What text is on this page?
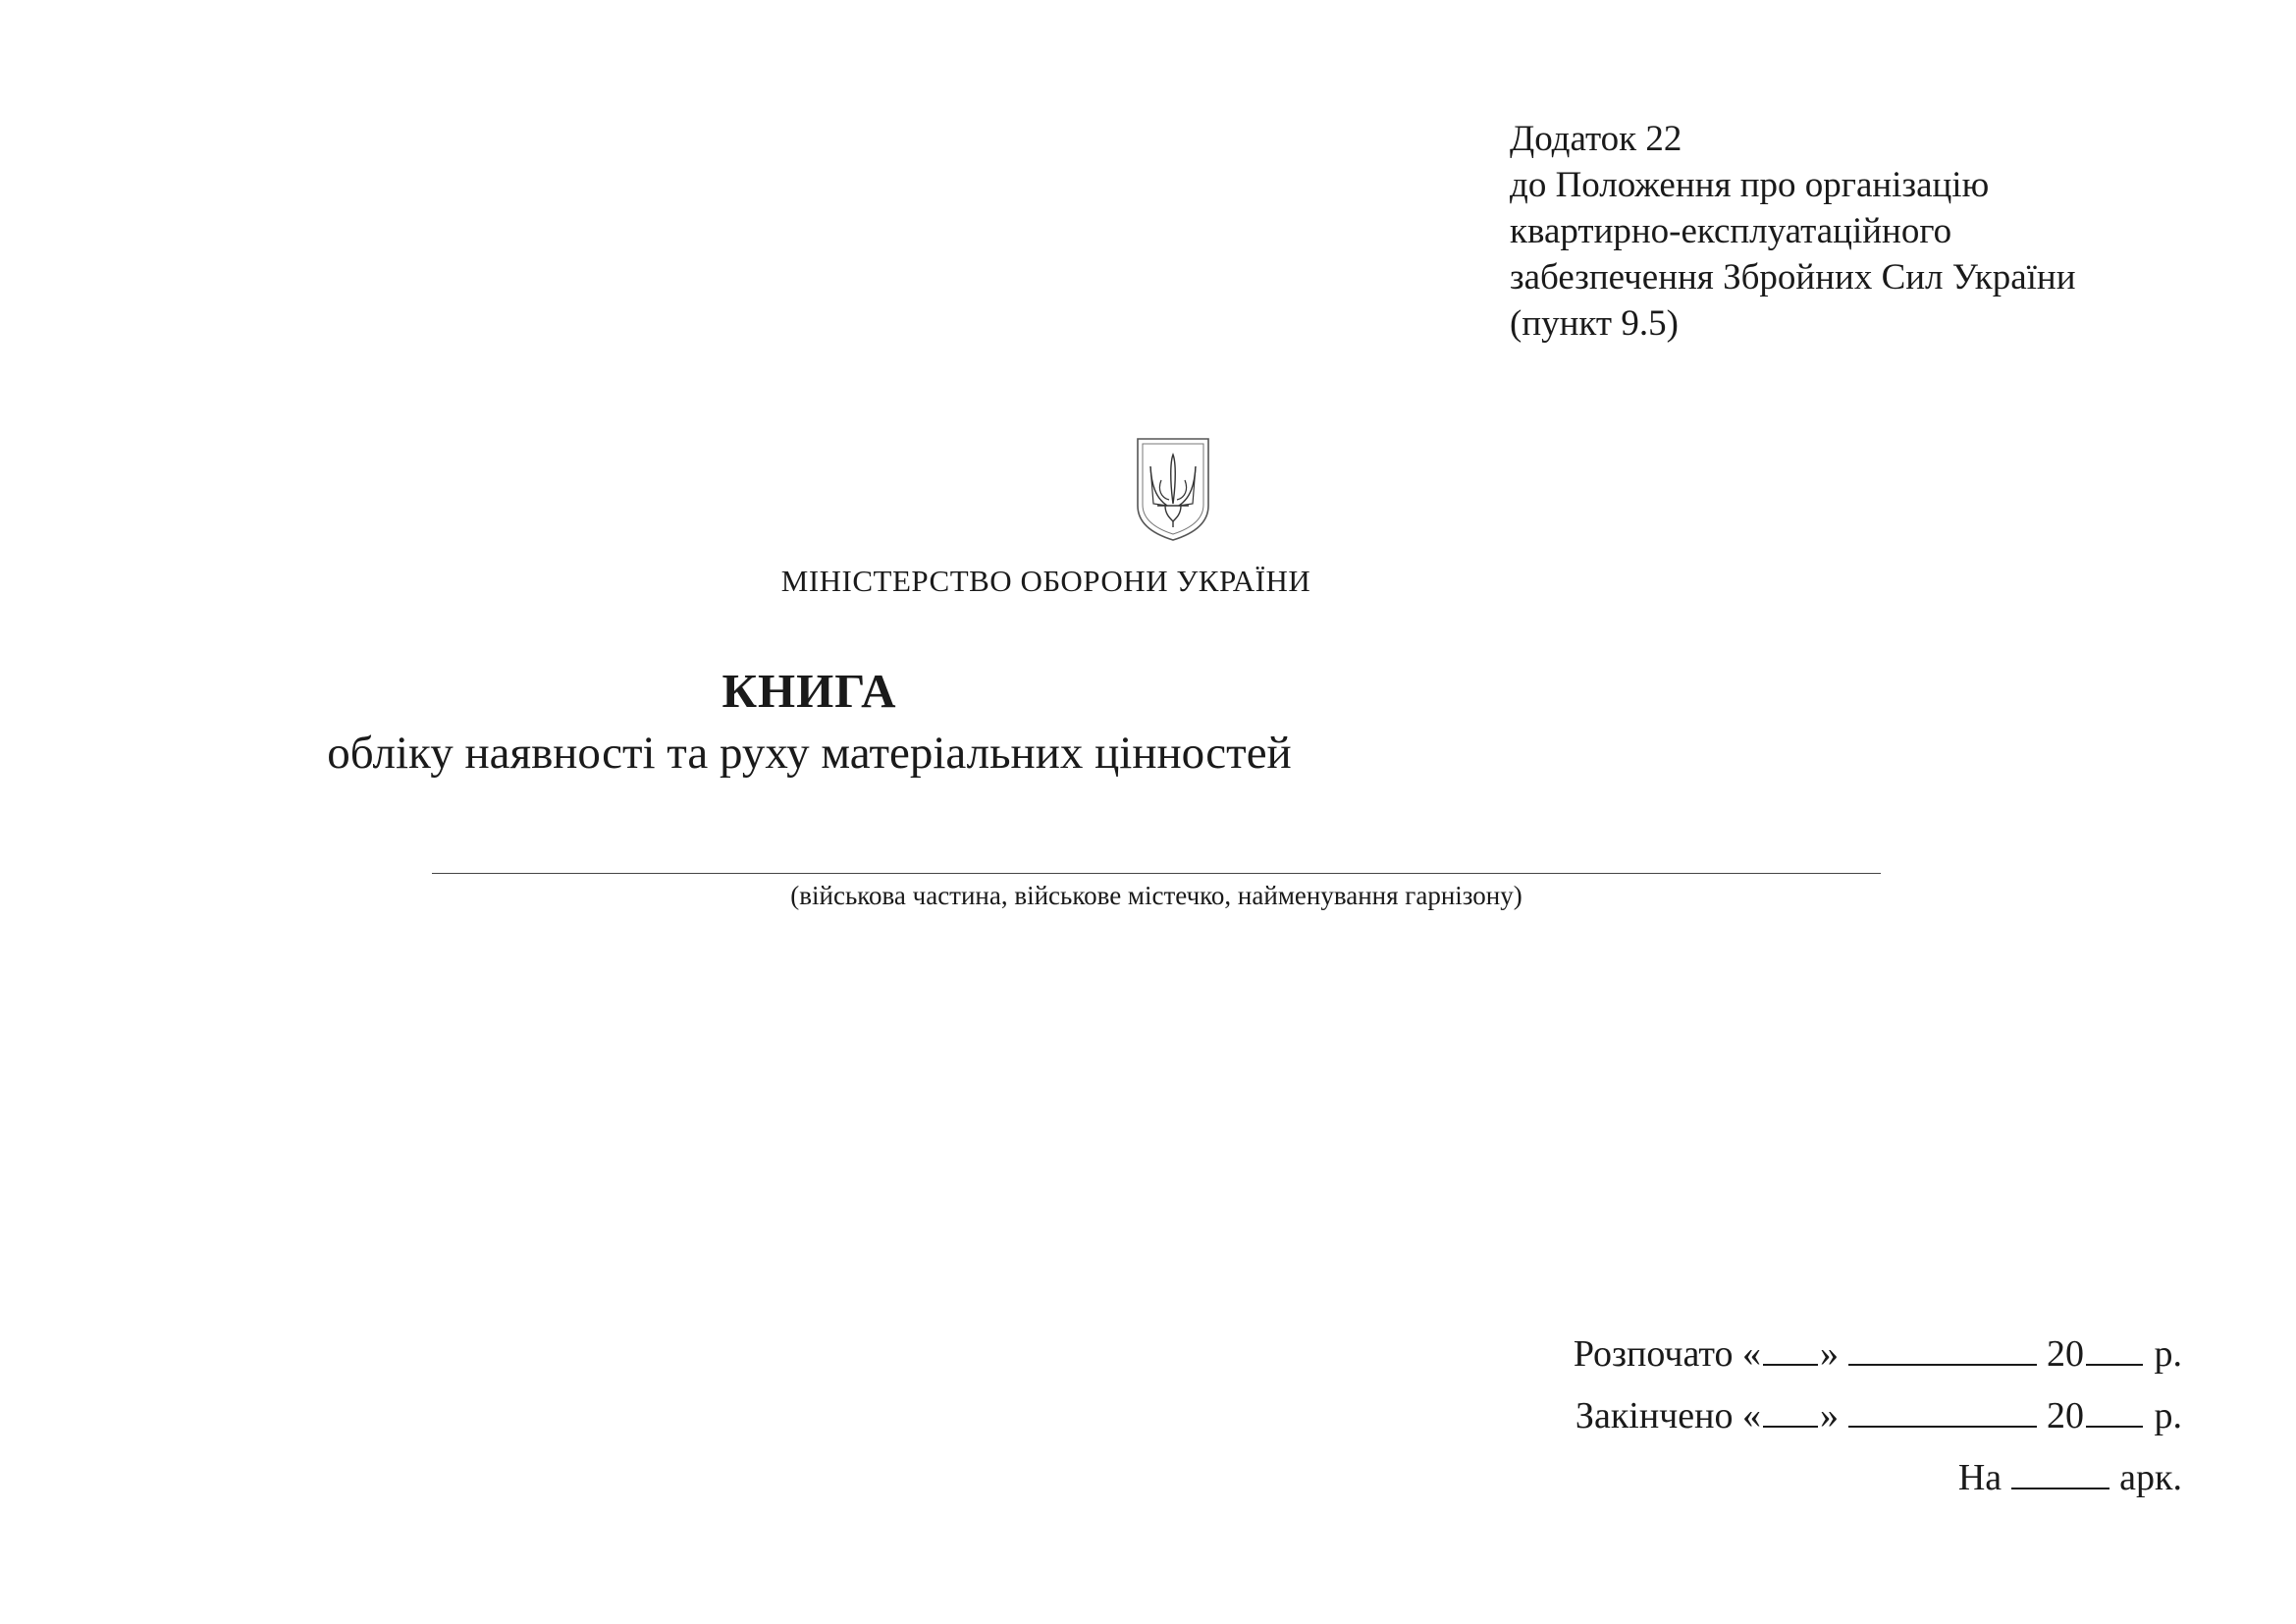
Додаток 22
до Положення про організацію
квартирно-експлуатаційного
забезпечення Збройних Сил України
(пункт 9.5)
МІНІСТЕРСТВО ОБОРОНИ УКРАЇНИ
КНИГА
обліку наявності та руху матеріальних цінностей
(військова частина, військове містечко, найменування гарнізону)
Розпочато « »	20 р.
Закінчено « »	20 р.
На	арк.
